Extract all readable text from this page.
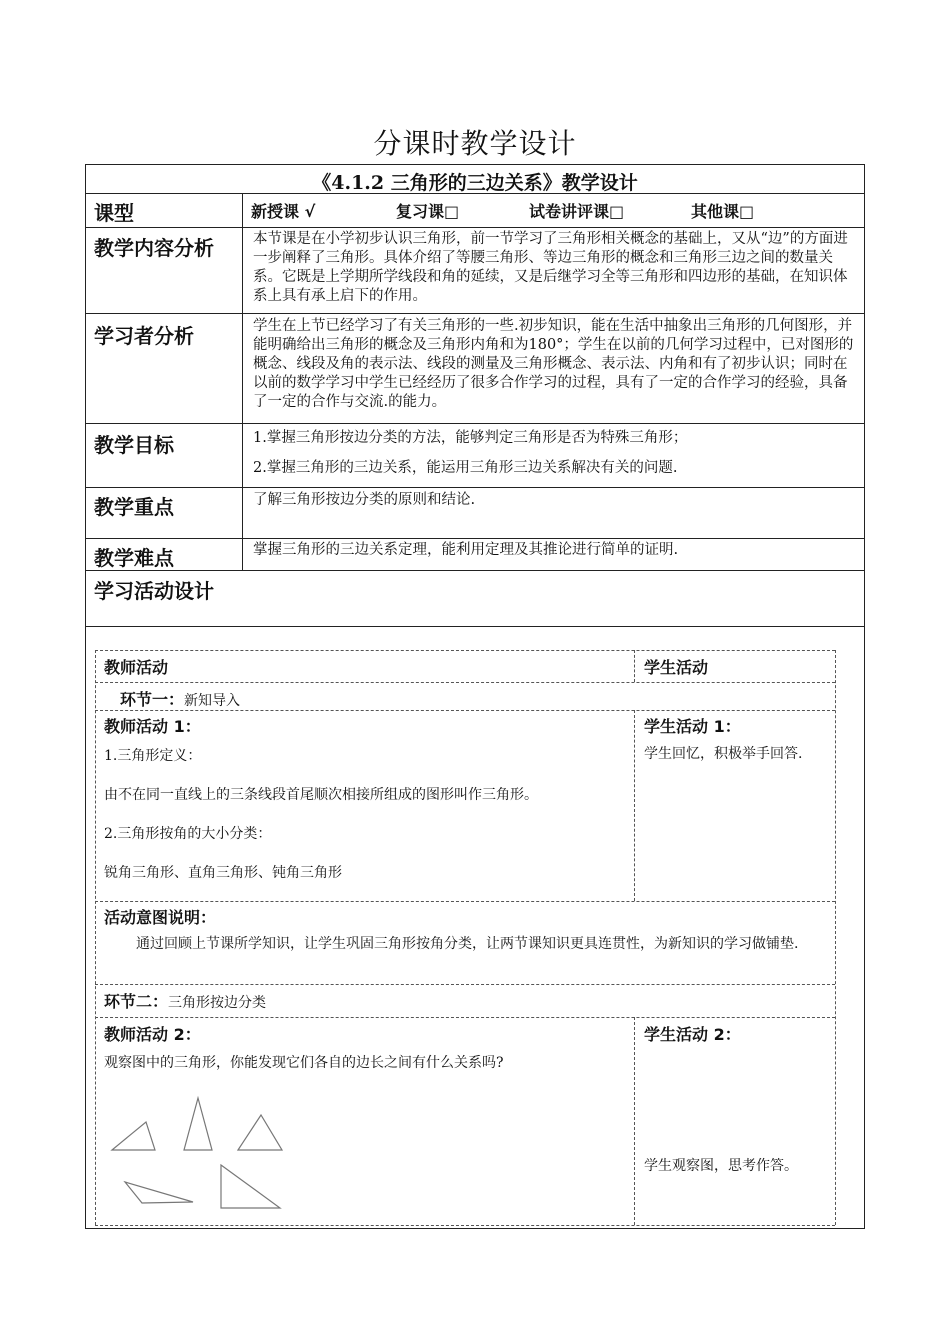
分课时教学设计
《4.1.2 三角形的三边关系》教学设计
课型	新授课 √	复习课□	试卷讲评课□	其他课□
教学内容分析	本节课是在小学初步认识三角形，前一节学习了三角形相关概念的基础上，又从“边”的方面进一步阐释了三角形。具体介绍了等腰三角形、等边三角形的概念和三角形三边之间的数量关系。它既是上学期所学线段和角的延续，又是后继学习全等三角形和四边形的基础，在知识体系上具有承上启下的作用。
学习者分析	学生在上节已经学习了有关三角形的一些.初步知识，能在生活中抽象出三角形的几何图形，并能明确给出三角形的概念及三角形内角和为180°；学生在以前的几何学习过程中，已对图形的概念、线段及角的表示法、线段的测量及三角形概念、表示法、内角和有了初步认识；同时在以前的数学学习中学生已经经历了很多合作学习的过程，具有了一定的合作学习的经验，具备了一定的合作与交流.的能力。
教学目标	1.掌握三角形按边分类的方法，能够判定三角形是否为特殊三角形；
2.掌握三角形的三边关系，能运用三角形三边关系解决有关的问题.
教学重点	了解三角形按边分类的原则和结论.
教学难点	掌握三角形的三边关系定理，能利用定理及其推论进行简单的证明.
学习活动设计
教师活动	学生活动
环节一：新知导入
教师活动 1：
1.三角形定义：
由不在同一直线上的三条线段首尾顺次相接所组成的图形叫作三角形。
2.三角形按角的大小分类：
锐角三角形、直角三角形、钝角三角形
学生活动 1：
学生回忆，积极举手回答.
活动意图说明：
通过回顾上节课所学知识，让学生巩固三角形按角分类，让两节课知识更具连贯性，为新知识的学习做铺垫.
环节二：三角形按边分类
教师活动 2：
观察图中的三角形，你能发现它们各自的边长之间有什么关系吗?
学生活动 2：
学生观察图，思考作答。
